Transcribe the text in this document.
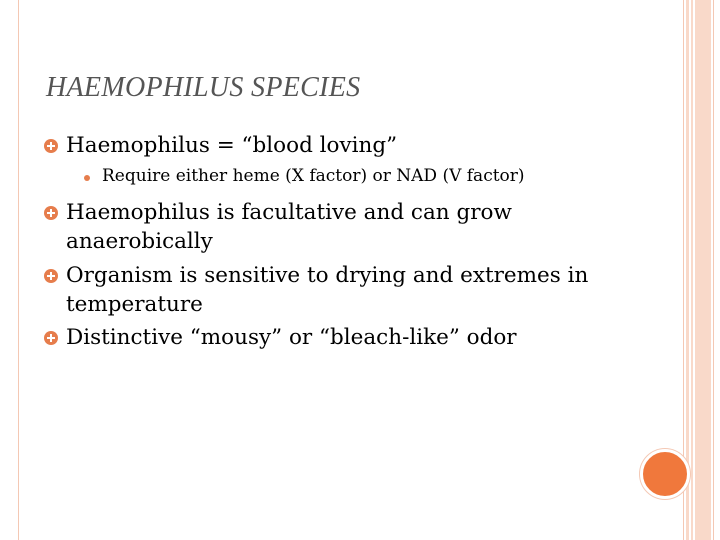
HAEMOPHILUS SPECIES
Haemophilus = “blood loving”
Require either heme (X factor) or NAD (V factor)
Haemophilus is facultative and can grow
anaerobically
Organism is sensitive to drying and extremes in
temperature
Distinctive “mousy” or “bleach-like” odor
